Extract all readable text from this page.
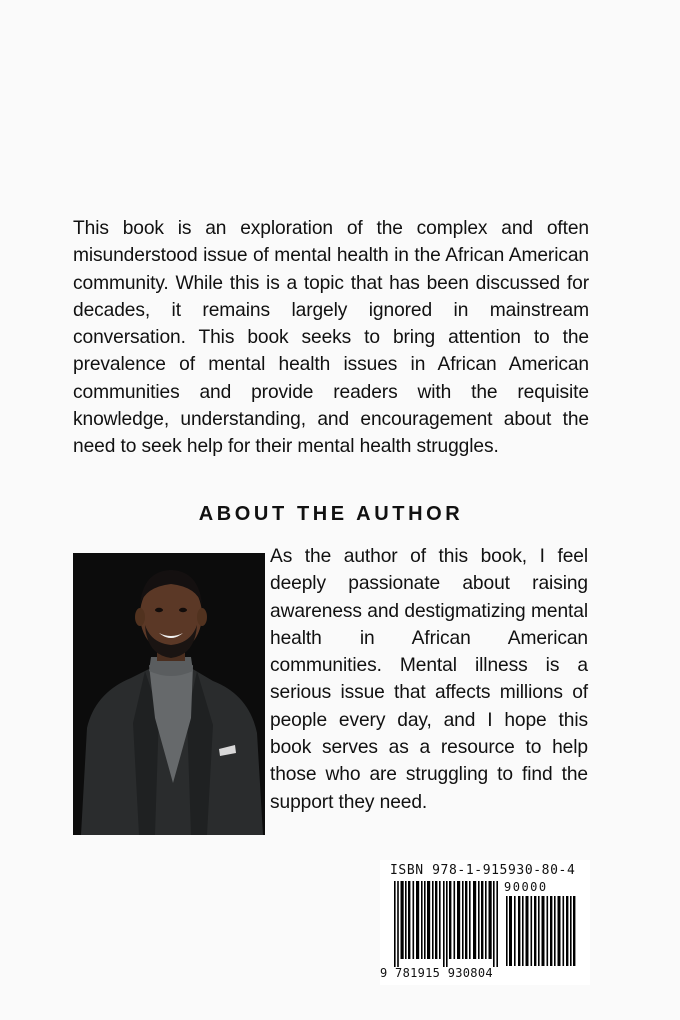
This book is an exploration of the complex and often misunderstood issue of mental health in the African American community. While this is a topic that has been discussed for decades, it remains largely ignored in mainstream conversation. This book seeks to bring attention to the prevalence of mental health issues in African American communities and provide readers with the requisite knowledge, understanding, and encouragement about the need to seek help for their mental health struggles.

ABOUT THE AUTHOR

As the author of this book, I feel deeply passionate about raising awareness and destigmatizing mental health in African American communities. Mental illness is a serious issue that affects millions of people every day, and I hope this book serves as a resource to help those who are struggling to find the support they need.

ISBN 978-1-915930-80-4
90000
9 781915 930804
